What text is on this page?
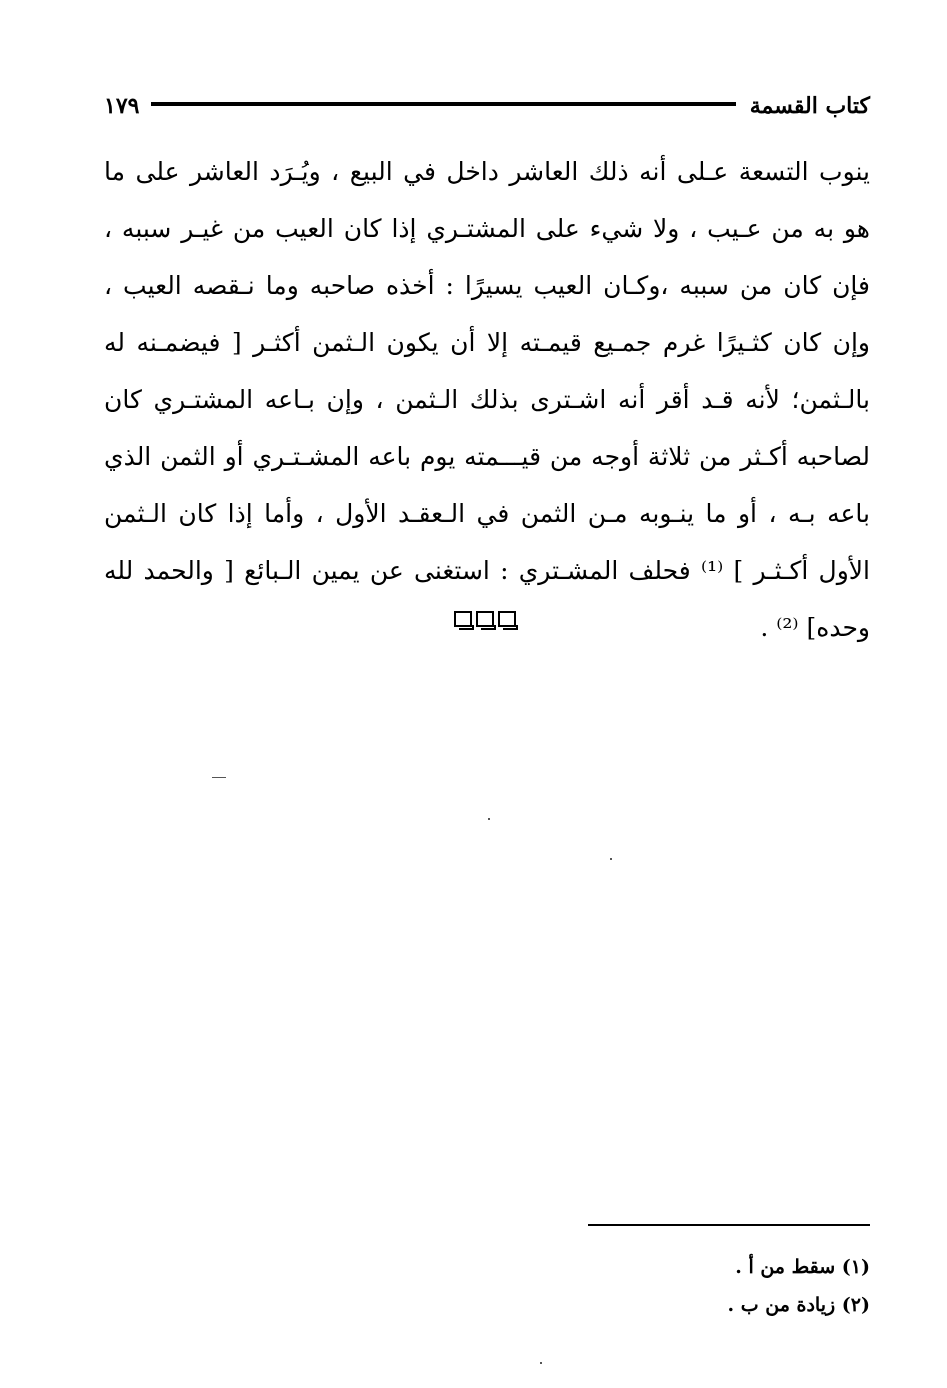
كتاب القسمة
١٧٩
ينوب التسعة عـلى أنه ذلك العاشر داخل في البيع ، ويُـرَد العاشر على ما
هو به من عـيب ، ولا شيء على المشتـري إذا كان العيب من غيـر سببه ،
فإن كان من سببه ،وكـان العيب يسيرًا : أخذه صاحبه وما نـقصه العيب ،
وإن كان كثـيرًا غرم جمـيع قيمـته إلا أن يكون الـثمن أكثـر [ فيضمـنه له
بالـثمن؛ لأنه قـد أقر أنه اشـترى بذلك الـثمن ، وإن بـاعه المشتـري كان
لصاحبه أكـثر من ثلاثة أوجه من قيـــمته يوم باعه المشـتـري أو الثمن الذي
باعه بـه ، أو ما ينـوبه مـن الثمن في الـعقـد الأول ، وأما إذا كان الـثمن
الأول أكـثـر ] ⁽¹⁾ فحلف المشـتري : استغنى عن يمين الـبائع [ والحمد لله
وحده] ⁽²⁾ .
(١) سقط من أ .
(٢) زيادة من ب .
